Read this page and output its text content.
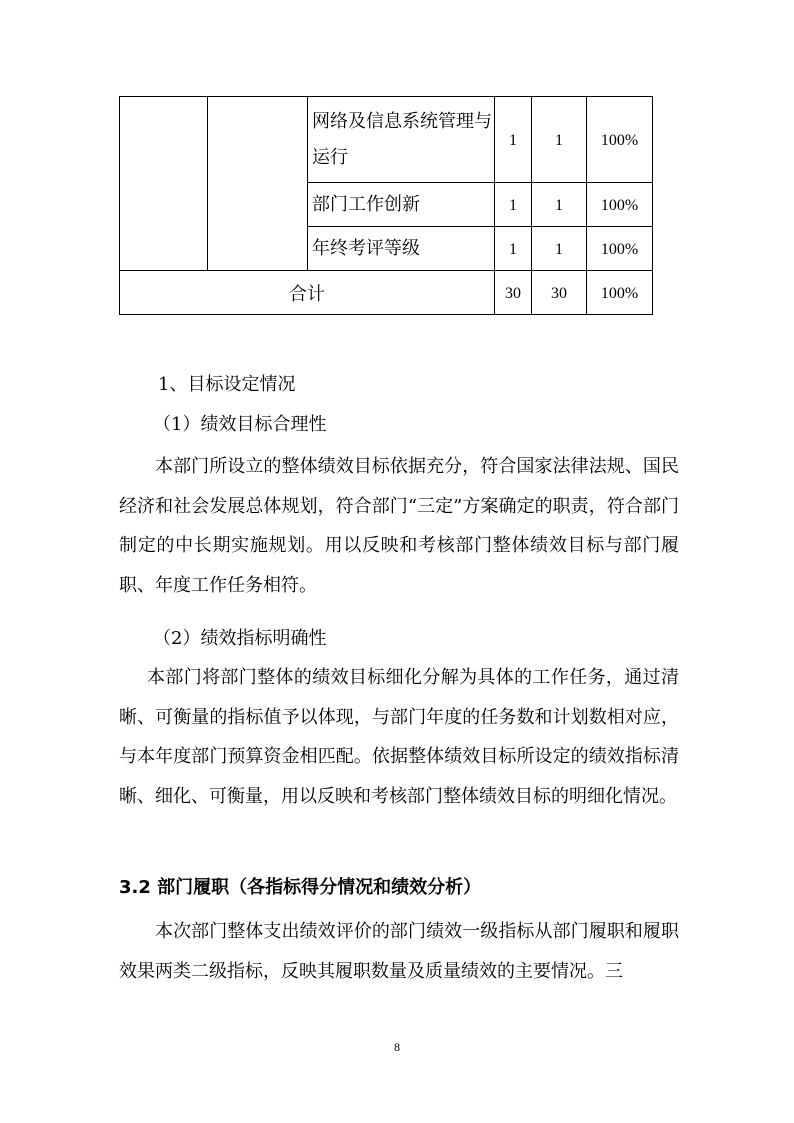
		网络及信息系统管理与运行	1	1	100%
		部门工作创新	1	1	100%
		年终考评等级	1	1	100%
合计			30	30	100%

1、目标设定情况

（1）绩效目标合理性

本部门所设立的整体绩效目标依据充分，符合国家法律法规、国民经济和社会发展总体规划，符合部门“三定”方案确定的职责，符合部门制定的中长期实施规划。用以反映和考核部门整体绩效目标与部门履职、年度工作任务相符。

（2）绩效指标明确性

本部门将部门整体的绩效目标细化分解为具体的工作任务，通过清晰、可衡量的指标值予以体现，与部门年度的任务数和计划数相对应，与本年度部门预算资金相匹配。依据整体绩效目标所设定的绩效指标清晰、细化、可衡量，用以反映和考核部门整体绩效目标的明细化情况。

3.2 部门履职（各指标得分情况和绩效分析）

本次部门整体支出绩效评价的部门绩效一级指标从部门履职和履职效果两类二级指标，反映其履职数量及质量绩效的主要情况。三

8
